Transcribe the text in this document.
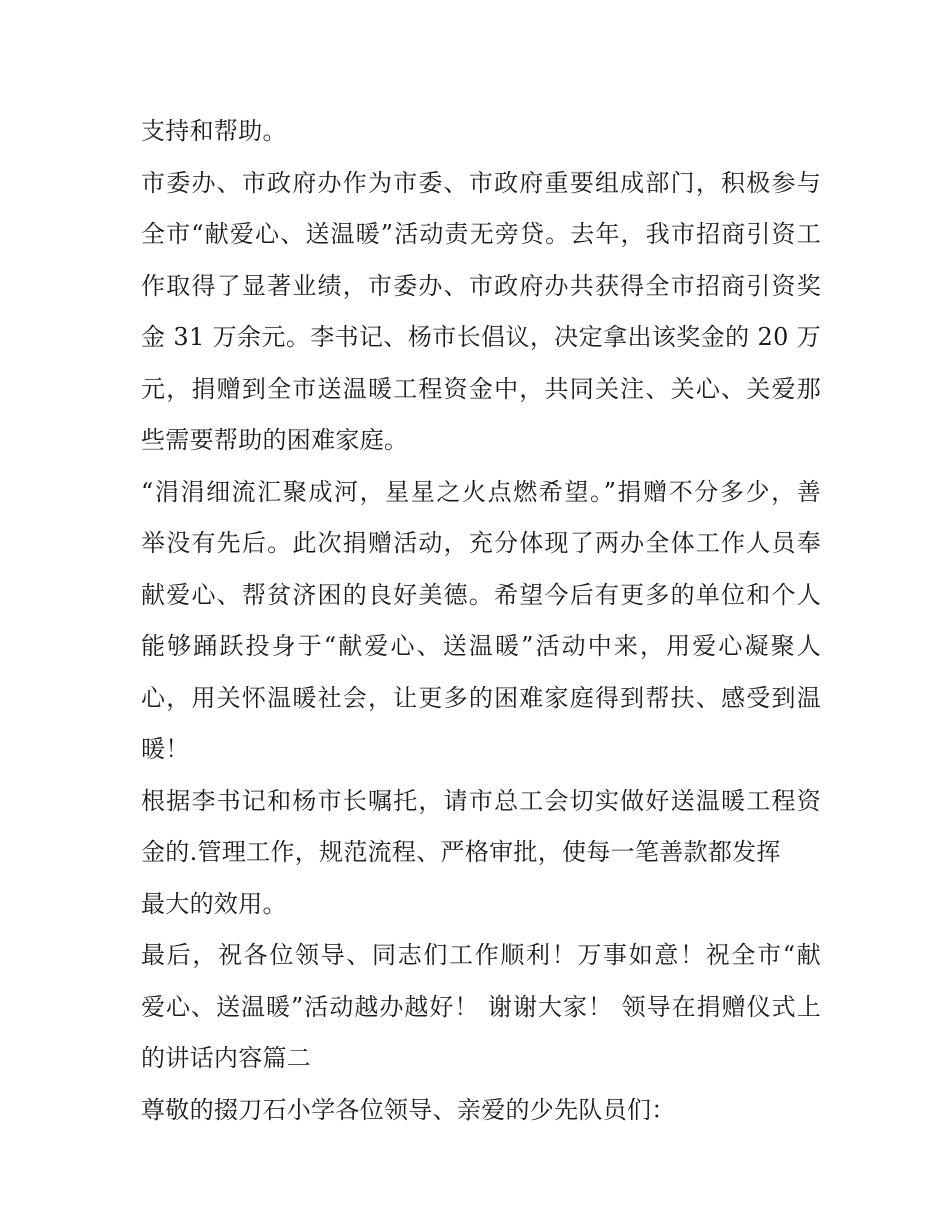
支持和帮助。
市委办、市政府办作为市委、市政府重要组成部门，积极参与
全市“献爱心、送温暖”活动责无旁贷。去年，我市招商引资工
作取得了显著业绩，市委办、市政府办共获得全市招商引资奖
金 31 万余元。李书记、杨市长倡议，决定拿出该奖金的 20 万
元，捐赠到全市送温暖工程资金中，共同关注、关心、关爱那
些需要帮助的困难家庭。
“涓涓细流汇聚成河，星星之火点燃希望。”捐赠不分多少，善
举没有先后。此次捐赠活动，充分体现了两办全体工作人员奉
献爱心、帮贫济困的良好美德。希望今后有更多的单位和个人
能够踊跃投身于“献爱心、送温暖”活动中来，用爱心凝聚人
心，用关怀温暖社会，让更多的困难家庭得到帮扶、感受到温
暖！
根据李书记和杨市长嘱托，请市总工会切实做好送温暖工程资
金的.管理工作，规范流程、严格审批，使每一笔善款都发挥
最大的效用。
最后，祝各位领导、同志们工作顺利！万事如意！祝全市“献
爱心、送温暖”活动越办越好！ 谢谢大家！ 领导在捐赠仪式上
的讲话内容篇二
尊敬的掇刀石小学各位领导、亲爱的少先队员们：
